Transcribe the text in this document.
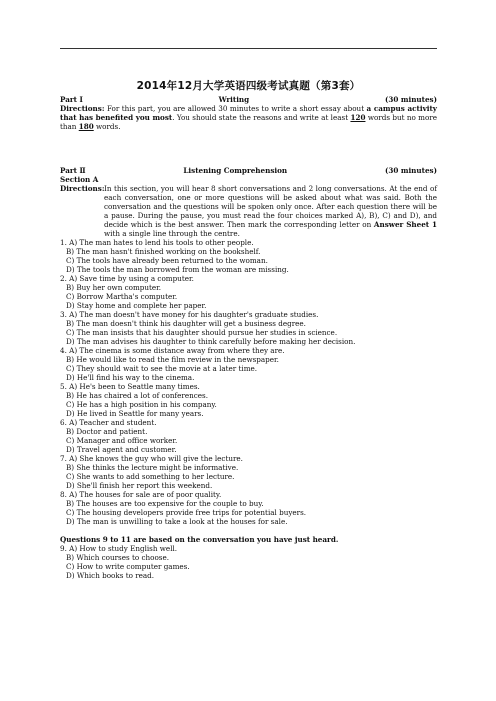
2014年12月大学英语四级考试真题（第3套）
Part Ⅰ	Writing	(30 minutes)
Directions: For this part, you are allowed 30 minutes to write a short essay about a campus activity that has benefited you most. You should state the reasons and write at least 120 words but no more than 180 words.
Part Ⅱ	Listening Comprehension	(30 minutes)
Section A
Directions: In this section, you will hear 8 short conversations and 2 long conversations. At the end of each conversation, one or more questions will be asked about what was said. Both the conversation and the questions will be spoken only once. After each question there will be a pause. During the pause, you must read the four choices marked A), B), C) and D), and decide which is the best answer. Then mark the corresponding letter on Answer Sheet 1 with a single line through the centre.
1. A) The man hates to lend his tools to other people.
B) The man hasn't finished working on the bookshelf.
C) The tools have already been returned to the woman.
D) The tools the man borrowed from the woman are missing.
2. A) Save time by using a computer.
B) Buy her own computer.
C) Borrow Martha's computer.
D) Stay home and complete her paper.
3. A) The man doesn't have money for his daughter's graduate studies.
B) The man doesn't think his daughter will get a business degree.
C) The man insists that his daughter should pursue her studies in science.
D) The man advises his daughter to think carefully before making her decision.
4. A) The cinema is some distance away from where they are.
B) He would like to read the film review in the newspaper.
C) They should wait to see the movie at a later time.
D) He'll find his way to the cinema.
5. A) He's been to Seattle many times.
B) He has chaired a lot of conferences.
C) He has a high position in his company.
D) He lived in Seattle for many years.
6. A) Teacher and student.
B) Doctor and patient.
C) Manager and office worker.
D) Travel agent and customer.
7. A) She knows the guy who will give the lecture.
B) She thinks the lecture might be informative.
C) She wants to add something to her lecture.
D) She'll finish her report this weekend.
8. A) The houses for sale are of poor quality.
B) The houses are too expensive for the couple to buy.
C) The housing developers provide free trips for potential buyers.
D) The man is unwilling to take a look at the houses for sale.
Questions 9 to 11 are based on the conversation you have just heard.
9. A) How to study English well.
B) Which courses to choose.
C) How to write computer games.
D) Which books to read.
